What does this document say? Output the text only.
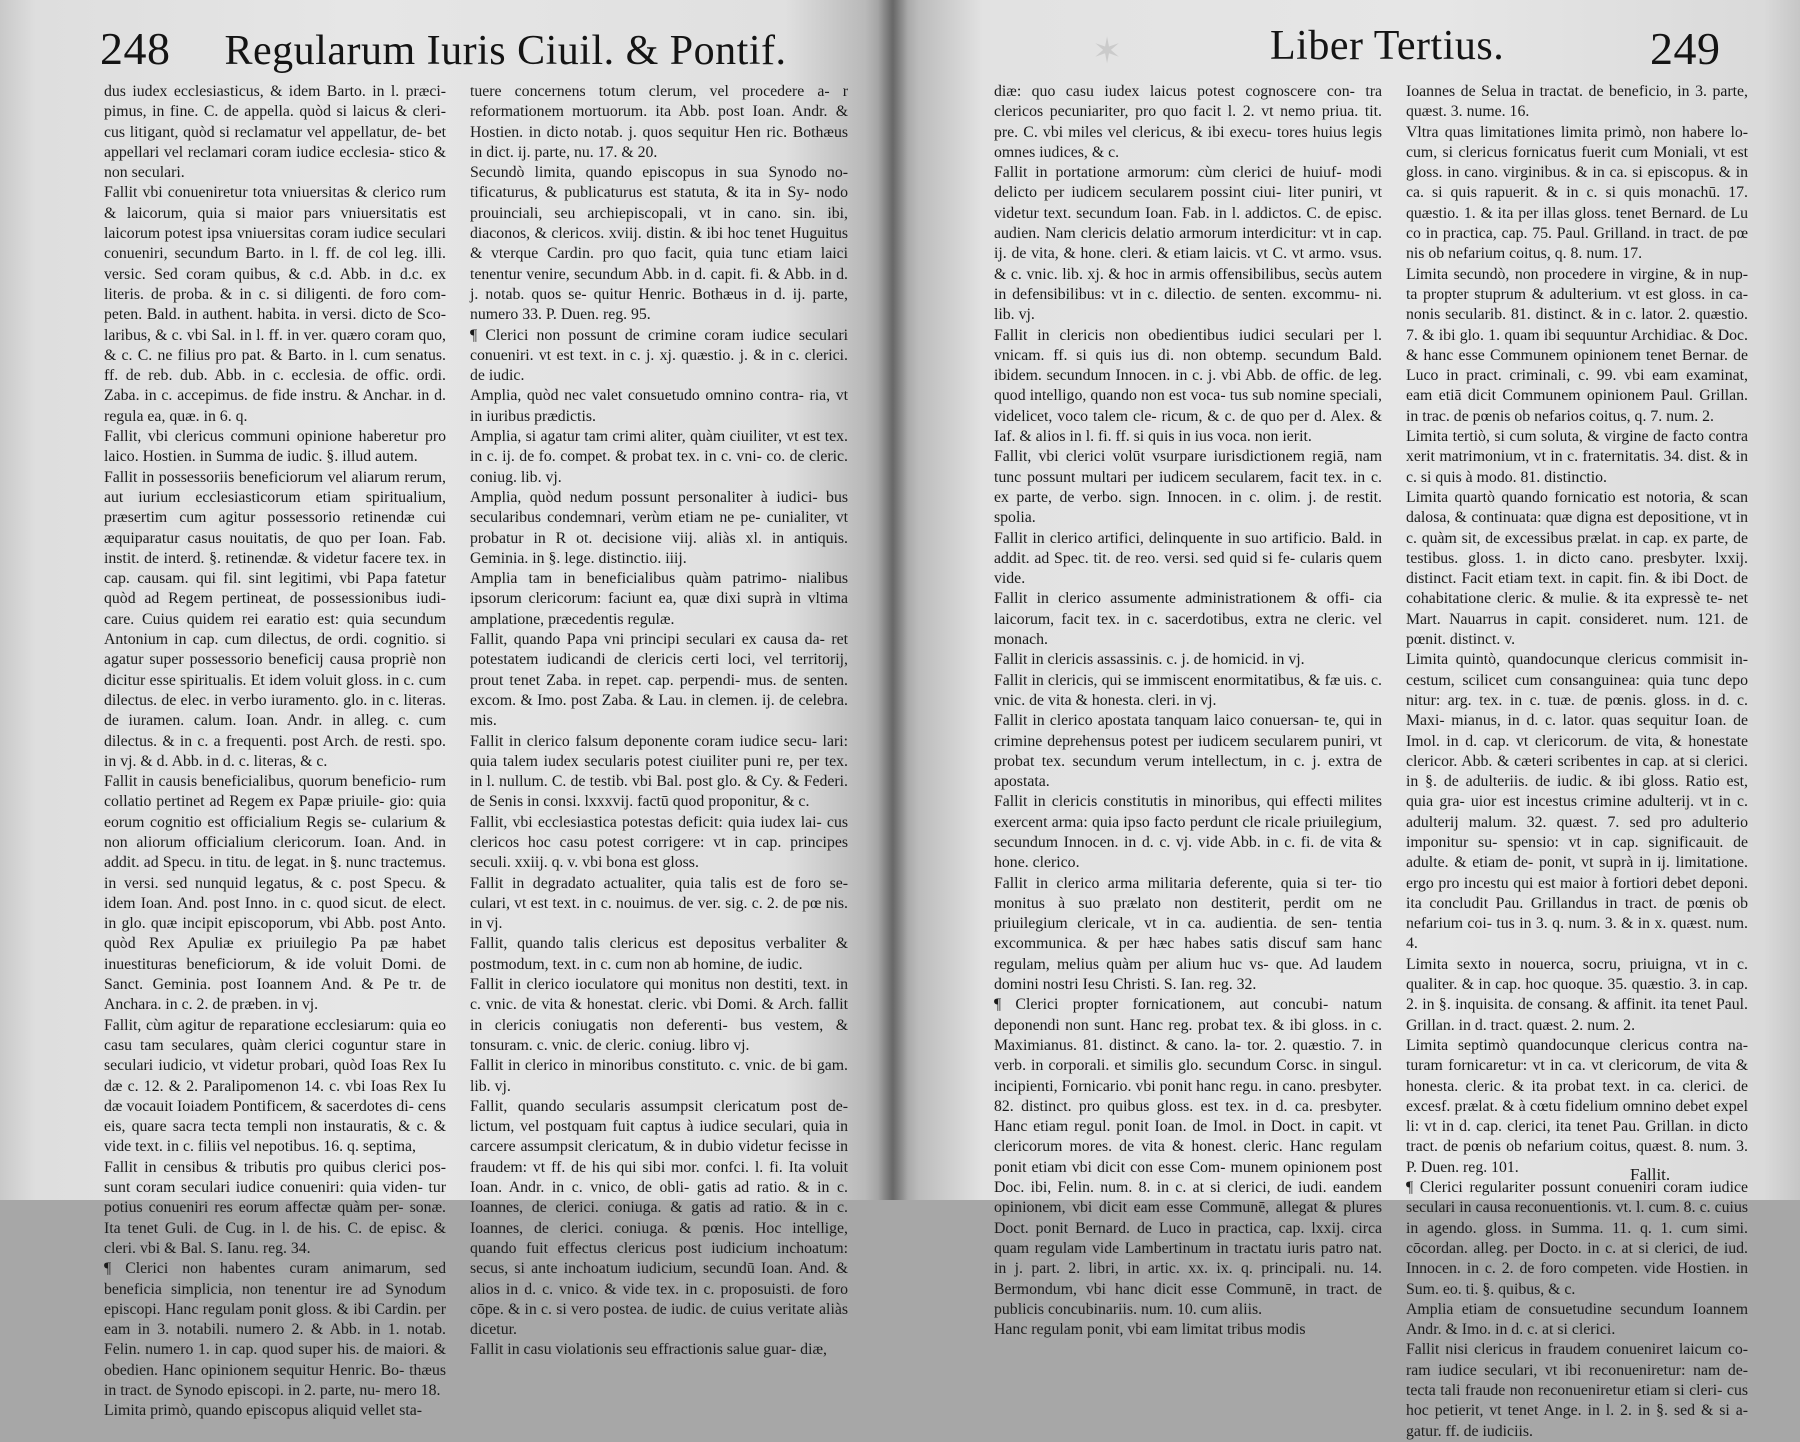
248 Regularum Iuris Ciuil. & Pontif.

dus iudex ecclesiasticus, & idem Barto. in l. præci- pimus, in fine. C. de appella. quòd si laicus & cleri- cus litigant, quòd si reclamatur vel appellatur, de- bet appellari vel reclamari coram iudice ecclesia- stico & non seculari.

Fallit vbi conueniretur tota vniuersitas & clerico rum & laicorum, quia si maior pars vniuersitatis est laicorum potest ipsa vniuersitas coram iudice seculari conueniri, secundum Barto. in l. ff. de col leg. illi. versic. Sed coram quibus, & c.d. Abb. in d.c. ex literis. de proba. & in c. si diligenti. de foro com- peten. Bald. in authent. habita. in versi. dicto de Sco- laribus, & c. vbi Sal. in l. ff. in ver. quæro coram quo, & c. C. ne filius pro pat. & Barto. in l. cum senatus. ff. de reb. dub. Abb. in c. ecclesia. de offic. ordi. Zaba. in c. accepimus. de fide instru. & Anchar. in d. regula ea, quæ. in 6. q.

Fallit, vbi clericus communi opinione haberetur pro laico. Hostien. in Summa de iudic. §. illud autem.

Fallit in possessoriis beneficiorum vel aliarum rerum, aut iurium ecclesiasticorum etiam spiritualium, præsertim cum agitur possessorio retinendæ cui æquiparatur casus nouitatis, de quo per Ioan. Fab. instit. de interd. §. retinendæ. & videtur facere tex. in cap. causam. qui fil. sint legitimi, vbi Papa fatetur quòd ad Regem pertineat, de possessionibus iudi- care. Cuius quidem rei earatio est: quia secundum Antonium in cap. cum dilectus, de ordi. cognitio. si agatur super possessorio beneficij causa propriè non dicitur esse spiritualis. Et idem voluit gloss. in c. cum dilectus. de elec. in verbo iuramento. glo. in c. literas. de iuramen. calum. Ioan. Andr. in alleg. c. cum dilectus. & in c. a frequenti. post Arch. de resti. spo. in vj. & d. Abb. in d. c. literas, & c.

Fallit in causis beneficialibus, quorum beneficio- rum collatio pertinet ad Regem ex Papæ priuile- gio: quia eorum cognitio est officialium Regis se- cularium & non aliorum officialium clericorum. Ioan. And. in addit. ad Specu. in titu. de legat. in §. nunc tractemus. in versi. sed nunquid legatus, & c. post Specu. & idem Ioan. And. post Inno. in c. quod sicut. de elect. in glo. quæ incipit episcoporum, vbi Abb. post Anto. quòd Rex Apuliæ ex priuilegio Pa pæ habet inuestituras beneficiorum, & ide voluit Domi. de Sanct. Geminia. post Ioannem And. & Pe tr. de Anchara. in c. 2. de præben. in vj.

Fallit, cùm agitur de reparatione ecclesiarum: quia eo casu tam seculares, quàm clerici coguntur stare in seculari iudicio, vt videtur probari, quòd Ioas Rex Iu dæ c. 12. & 2. Paralipomenon 14. c. vbi Ioas Rex Iu dæ vocauit Ioiadem Pontificem, & sacerdotes di- cens eis, quare sacra tecta templi non instauratis, & c. & vide text. in c. filiis vel nepotibus. 16. q. septima,

Fallit in censibus & tributis pro quibus clerici pos- sunt coram seculari iudice conueniri: quia viden- tur potius conueniri res eorum affectæ quàm per- sonæ. Ita tenet Guli. de Cug. in l. de his. C. de episc. & cleri. vbi & Bal. S. Ianu. reg. 34.

¶ Clerici non habentes curam animarum, sed beneficia simplicia, non tenentur ire ad Synodum episcopi. Hanc regulam ponit gloss. & ibi Cardin. per eam in 3. notabili. numero 2. & Abb. in 1. notab. Felin. numero 1. in cap. quod super his. de maiori. & obedien. Hanc opinionem sequitur Henric. Bo- thæus in tract. de Synodo episcopi. in 2. parte, nu- mero 18.

Limita primò, quando episcopus aliquid vellet sta-

tuere concernens totum clerum, vel procedere a- r reformationem mortuorum. ita Abb. post Ioan. Andr. & Hostien. in dicto notab. j. quos sequitur Hen ric. Bothæus in dict. ij. parte, nu. 17. & 20.

Secundò limita, quando episcopus in sua Synodo no- tificaturus, & publicaturus est statuta, & ita in Sy- nodo prouinciali, seu archiepiscopali, vt in cano. sin. ibi, diaconos, & clericos. xviij. distin. & ibi hoc tenet Huguitus & vterque Cardin. pro quo facit, quia tunc etiam laici tenentur venire, secundum Abb. in d. capit. fi. & Abb. in d. j. notab. quos se- quitur Henric. Bothæus in d. ij. parte, numero 33. P. Duen. reg. 95.

¶ Clerici non possunt de crimine coram iudice seculari conueniri. vt est text. in c. j. xj. quæstio. j. & in c. clerici. de iudic.

Amplia, quòd nec valet consuetudo omnino contra- ria, vt in iuribus prædictis.

Amplia, si agatur tam crimi aliter, quàm ciuiliter, vt est tex. in c. ij. de fo. compet. & probat tex. in c. vni- co. de cleric. coniug. lib. vj.

Amplia, quòd nedum possunt personaliter à iudici- bus secularibus condemnari, verùm etiam ne pe- cunialiter, vt probatur in R ot. decisione viij. aliàs xl. in antiquis. Geminia. in §. lege. distinctio. iiij.

Amplia tam in beneficialibus quàm patrimo- nialibus ipsorum clericorum: faciunt ea, quæ dixi suprà in vltima amplatione, præcedentis regulæ.

Fallit, quando Papa vni principi seculari ex causa da- ret potestatem iudicandi de clericis certi loci, vel territorij, prout tenet Zaba. in repet. cap. perpendi- mus. de senten. excom. & Imo. post Zaba. & Lau. in clemen. ij. de celebra. mis.

Fallit in clerico falsum deponente coram iudice secu- lari: quia talem iudex secularis potest ciuiliter puni re, per tex. in l. nullum. C. de testib. vbi Bal. post glo. & Cy. & Federi. de Senis in consi. lxxxvij. factū quod proponitur, & c.

Fallit, vbi ecclesiastica potestas deficit: quia iudex lai- cus clericos hoc casu potest corrigere: vt in cap. principes seculi. xxiij. q. v. vbi bona est gloss.

Fallit in degradato actualiter, quia talis est de foro se- culari, vt est text. in c. nouimus. de ver. sig. c. 2. de pœ nis. in vj.

Fallit, quando talis clericus est depositus verbaliter & postmodum, text. in c. cum non ab homine, de iudic.

Fallit in clerico ioculatore qui monitus non destiti, text. in c. vnic. de vita & honestat. cleric. vbi Domi. & Arch. fallit in clericis coniugatis non deferenti- bus vestem, & tonsuram. c. vnic. de cleric. coniug. libro vj.

Fallit in clerico in minoribus constituto. c. vnic. de bi gam. lib. vj.

Fallit, quando secularis assumpsit clericatum post de- lictum, vel postquam fuit captus à iudice seculari, quia in carcere assumpsit clericatum, & in dubio videtur fecisse in fraudem: vt ff. de his qui sibi mor. confci. l. fi. Ita voluit Ioan. Andr. in c. vnico, de obli- gatis ad ratio. & in c. Ioannes, de clerici. coniuga. & gatis ad ratio. & in c. Ioannes, de clerici. coniuga. & pœnis. Hoc intellige, quando fuit effectus clericus post iudicium inchoatum: secus, si ante inchoatum iudicium, secundū Ioan. And. & alios in d. c. vnico. & vide tex. in c. proposuisti. de foro cōpe. & in c. si vero postea. de iudic. de cuius veritate aliàs dicetur.

Fallit in casu violationis seu effractionis salue guar- diæ,

✶	Liber Tertius.	249

diæ: quo casu iudex laicus potest cognoscere con- tra clericos pecuniariter, pro quo facit l. 2. vt nemo priua. tit. pre. C. vbi miles vel clericus, & ibi execu- tores huius legis omnes iudices, & c.

Fallit in portatione armorum: cùm clerici de huiuf- modi delicto per iudicem secularem possint ciui- liter puniri, vt videtur text. secundum Ioan. Fab. in l. addictos. C. de episc. audien. Nam clericis delatio armorum interdicitur: vt in cap. ij. de vita, & hone. cleri. & etiam laicis. vt C. vt armo. vsus. & c. vnic. lib. xj. & hoc in armis offensibilibus, secùs autem in defensibilibus: vt in c. dilectio. de senten. excommu- ni. lib. vj.

Fallit in clericis non obedientibus iudici seculari per l. vnicam. ff. si quis ius di. non obtemp. secundum Bald. ibidem. secundum Innocen. in c. j. vbi Abb. de offic. de leg. quod intelligo, quando non est voca- tus sub nomine speciali, videlicet, voco talem cle- ricum, & c. de quo per d. Alex. & Iaf. & alios in l. fi. ff. si quis in ius voca. non ierit.

Fallit, vbi clerici volūt vsurpare iurisdictionem regiā, nam tunc possunt multari per iudicem secularem, facit tex. in c. ex parte, de verbo. sign. Innocen. in c. olim. j. de restit. spolia.

Fallit in clerico artifici, delinquente in suo artificio. Bald. in addit. ad Spec. tit. de reo. versi. sed quid si fe- cularis quem vide.

Fallit in clerico assumente administrationem & offi- cia laicorum, facit tex. in c. sacerdotibus, extra ne cleric. vel monach.

Fallit in clericis assassinis. c. j. de homicid. in vj.

Fallit in clericis, qui se immiscent enormitatibus, & fæ uis. c. vnic. de vita & honesta. cleri. in vj.

Fallit in clerico apostata tanquam laico conuersan- te, qui in crimine deprehensus potest per iudicem secularem puniri, vt probat tex. secundum verum intellectum, in c. j. extra de apostata.

Fallit in clericis constitutis in minoribus, qui effecti milites exercent arma: quia ipso facto perdunt cle ricale priuilegium, secundum Innocen. in d. c. vj. vide Abb. in c. fi. de vita & hone. clerico.

Fallit in clerico arma militaria deferente, quia si ter- tio monitus à suo prælato non destiterit, perdit om ne priuilegium clericale, vt in ca. audientia. de sen- tentia excommunica. & per hæc habes satis discuf sam hanc regulam, melius quàm per alium huc vs- que. Ad laudem domini nostri Iesu Christi. S. Ian. reg. 32.

¶ Clerici propter fornicationem, aut concubi- natum deponendi non sunt. Hanc reg. probat tex. & ibi gloss. in c. Maximianus. 81. distinct. & cano. la- tor. 2. quæstio. 7. in verb. in corporali. et similis glo. secundum Corsc. in singul. incipienti, Fornicario. vbi ponit hanc regu. in cano. presbyter. 82. distinct. pro quibus gloss. est tex. in d. ca. presbyter. Hanc etiam regul. ponit Ioan. de Imol. in Doct. in capit. vt clericorum mores. de vita & honest. cleric. Hanc regulam ponit etiam vbi dicit con esse Com- munem opinionem post Doc. ibi, Felin. num. 8. in c. at si clerici, de iudi. eandem opinionem, vbi dicit eam esse Communē, allegat & plures Doct. ponit Bernard. de Luco in practica, cap. lxxij. circa quam regulam vide Lambertinum in tractatu iuris patro nat. in j. part. 2. libri, in artic. xx. ix. q. principali. nu. 14. Bermondum, vbi hanc dicit esse Communē, in tract. de publicis concubinariis. num. 10. cum aliis.

Hanc regulam ponit, vbi eam limitat tribus modis

Ioannes de Selua in tractat. de beneficio, in 3. parte, quæst. 3. nume. 16.

Vltra quas limitationes limita primò, non habere lo- cum, si clericus fornicatus fuerit cum Moniali, vt est gloss. in cano. virginibus. & in ca. si episcopus. & in ca. si quis rapuerit. & in c. si quis monachū. 17. quæstio. 1. & ita per illas gloss. tenet Bernard. de Lu co in practica, cap. 75. Paul. Grilland. in tract. de pœ nis ob nefarium coitus, q. 8. num. 17.

Limita secundò, non procedere in virgine, & in nup- ta propter stuprum & adulterium. vt est gloss. in ca- nonis secularib. 81. distinct. & in c. lator. 2. quæstio. 7. & ibi glo. 1. quam ibi sequuntur Archidiac. & Doc. & hanc esse Communem opinionem tenet Bernar. de Luco in pract. criminali, c. 99. vbi eam examinat, eam etiā dicit Communem opinionem Paul. Grillan. in trac. de pœnis ob nefarios coitus, q. 7. num. 2.

Limita tertiò, si cum soluta, & virgine de facto contra xerit matrimonium, vt in c. fraternitatis. 34. dist. & in c. si quis à modo. 81. distinctio.

Limita quartò quando fornicatio est notoria, & scan dalosa, & continuata: quæ digna est depositione, vt in c. quàm sit, de excessibus prælat. in cap. ex parte, de testibus. gloss. 1. in dicto cano. presbyter. lxxij. distinct. Facit etiam text. in capit. fin. & ibi Doct. de cohabitatione cleric. & mulie. & ita expressè te- net Mart. Nauarrus in capit. consideret. num. 121. de pœnit. distinct. v.

Limita quintò, quandocunque clericus commisit in- cestum, scilicet cum consanguinea: quia tunc depo nitur: arg. tex. in c. tuæ. de pœnis. gloss. in d. c. Maxi- mianus, in d. c. lator. quas sequitur Ioan. de Imol. in d. cap. vt clericorum. de vita, & honestate clericor. Abb. & cæteri scribentes in cap. at si clerici. in §. de adulteriis. de iudic. & ibi gloss. Ratio est, quia gra- uior est incestus crimine adulterij. vt in c. adulterij malum. 32. quæst. 7. sed pro adulterio imponitur su- spensio: vt in cap. significauit. de adulte. & etiam de- ponit, vt suprà in ij. limitatione. ergo pro incestu qui est maior à fortiori debet deponi. ita concludit Pau. Grillandus in tract. de pœnis ob nefarium coi- tus in 3. q. num. 3. & in x. quæst. num. 4.

Limita sexto in nouerca, socru, priuigna, vt in c. qualiter. & in cap. hoc quoque. 35. quæstio. 3. in cap. 2. in §. inquisita. de consang. & affinit. ita tenet Paul. Grillan. in d. tract. quæst. 2. num. 2.

Limita septimò quandocunque clericus contra na- turam fornicaretur: vt in ca. vt clericorum, de vita & honesta. cleric. & ita probat text. in ca. clerici. de excesf. prælat. & à cœtu fidelium omnino debet expel li: vt in d. cap. clerici, ita tenet Pau. Grillan. in dicto tract. de pœnis ob nefarium coitus, quæst. 8. num. 3. P. Duen. reg. 101.

¶ Clerici regulariter possunt conueniri coram iudice seculari in causa reconuentionis. vt. l. cum. 8. c. cuius in agendo. gloss. in Summa. 11. q. 1. cum simi. cōcordan. alleg. per Docto. in c. at si clerici, de iud. Innocen. in c. 2. de foro competen. vide Hostien. in Sum. eo. ti. §. quibus, & c.

Amplia etiam de consuetudine secundum Ioannem Andr. & Imo. in d. c. at si clerici.

Fallit nisi clericus in fraudem conueniret laicum co- ram iudice seculari, vt ibi reconueniretur: nam de- tecta tali fraude non reconueniretur etiam si cleri- cus hoc petierit, vt tenet Ange. in l. 2. in §. sed & si a- gatur. ff. de iudiciis.

Fallit.
